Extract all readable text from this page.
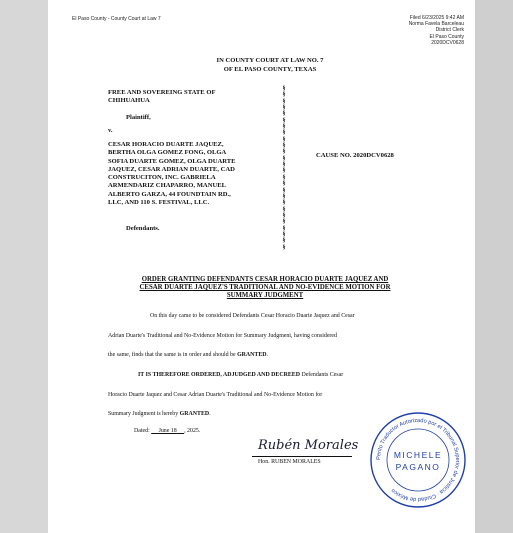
El Paso County - County Court at Law 7	Filed 6/23/2025 9:42 AM
Norma Favela Barceleau
District Clerk
El Paso County
2020DCV0628
IN COUNTY COURT AT LAW NO. 7
OF EL PASO COUNTY, TEXAS
FREE AND SOVEREING STATE OF
CHIHUAHUA
Plaintiff,
v.
CESAR HORACIO DUARTE JAQUEZ,
BERTHA OLGA GOMEZ FONG, OLGA
SOFIA DUARTE GOMEZ, OLGA DUARTE
JAQUEZ, CESAR ADRIAN DUARTE, CAD
CONSTRUCITON, INC. GABRIELA
ARMENDARIZ CHAPARRO, MANUEL
ALBERTO GARZA, 44 FOUNDTAIN RD.,
LLC, AND 110 S. FESTIVAL, LLC.
Defendants.
§
§
§
§
§
§
§
§
§
§
§
§
§
§
§
§
§
§
§
§
§
§
§
§
§
§
CAUSE NO. 2020DCV0628
ORDER GRANTING DEFENDANTS CESAR HORACIO DUARTE JAQUEZ AND
CESAR DUARTE JAQUEZ'S TRADITIONAL AND NO-EVIDENCE MOTION FOR
SUMMARY JUDGMENT
On this day came to be considered Defendants Cesar Horacio Duarte Jaquez and Cesar
Adrian Duarte's Traditional and No-Evidence Motion for Summary Judgment, having considered
the same, finds that the same is in order and should be GRANTED.
IT IS THEREFORE ORDERED, ADJUDGED AND DECREED Defendants Cesar
Horacio Duarte Jaquez and Cesar Adrian Duarte's Traditional and No-Evidence Motion for
Summary Judgment is hereby GRANTED.
Dated: June 18 , 2025.
Rubén Morales
Hon. RUBEN MORALES
Perito Traductor Autorizado por el Tribunal Superior de Justicia · Ciudad de México
MICHELE
PAGANO
